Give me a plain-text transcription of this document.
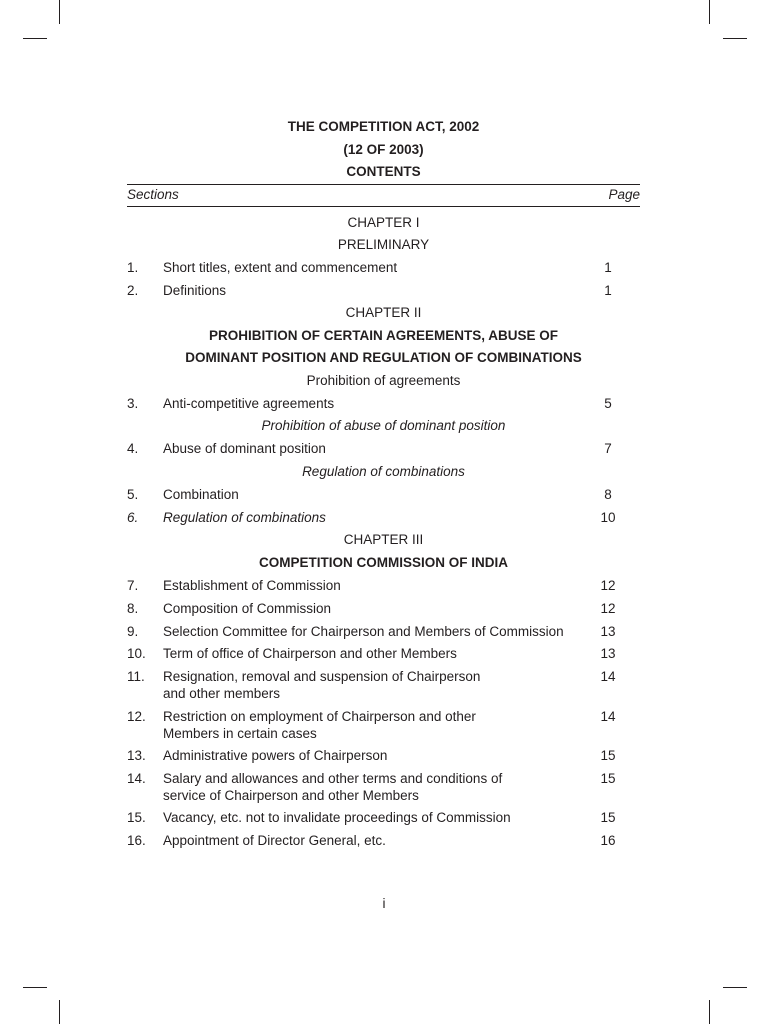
THE COMPETITION ACT, 2002
(12 OF 2003)
CONTENTS
Sections	Page
CHAPTER I
PRELIMINARY
1.	Short titles, extent and commencement	1
2.	Definitions	1
CHAPTER II
PROHIBITION OF CERTAIN AGREEMENTS, ABUSE OF
DOMINANT POSITION AND REGULATION OF COMBINATIONS
Prohibition of agreements
3.	Anti-competitive agreements	5
Prohibition of abuse of dominant position
4.	Abuse of dominant position	7
Regulation of combinations
5.	Combination	8
6.	Regulation of combinations	10
CHAPTER III
COMPETITION COMMISSION OF INDIA
7.	Establishment of Commission	12
8.	Composition of Commission	12
9.	Selection Committee for Chairperson and Members of Commission	13
10.	Term of office of Chairperson and other Members	13
11.	Resignation, removal and suspension of Chairperson	14
and other members
12.	Restriction on employment of Chairperson and other	14
Members in certain cases
13.	Administrative powers of Chairperson	15
14.	Salary and allowances and other terms and conditions of	15
service of Chairperson and other Members
15.	Vacancy, etc. not to invalidate proceedings of Commission	15
16.	Appointment of Director General, etc.	16
i
